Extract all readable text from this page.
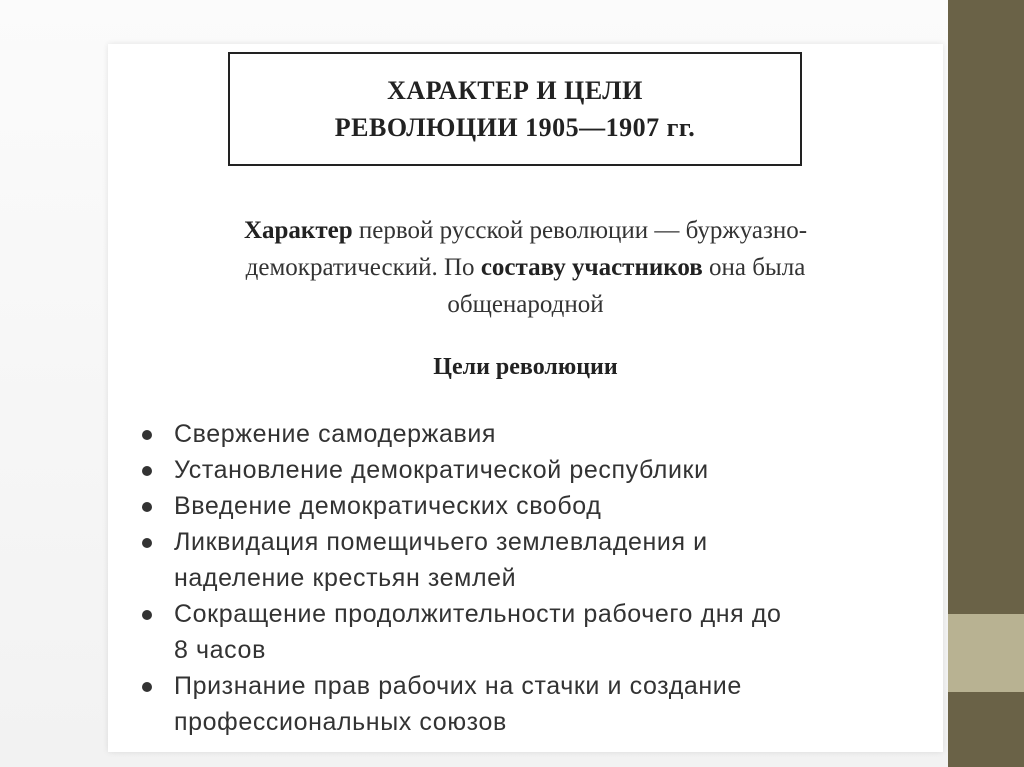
ХАРАКТЕР И ЦЕЛИ
РЕВОЛЮЦИИ 1905—1907 гг.
Характер первой русской революции — буржуазно-
демократический. По составу участников она была
общенародной
Цели революции
Свержение самодержавия
Установление демократической республики
Введение демократических свобод
Ликвидация помещичьего землевладения и
наделение крестьян землей
Сокращение продолжительности рабочего дня до
8 часов
Признание прав рабочих на стачки и создание
профессиональных союзов
